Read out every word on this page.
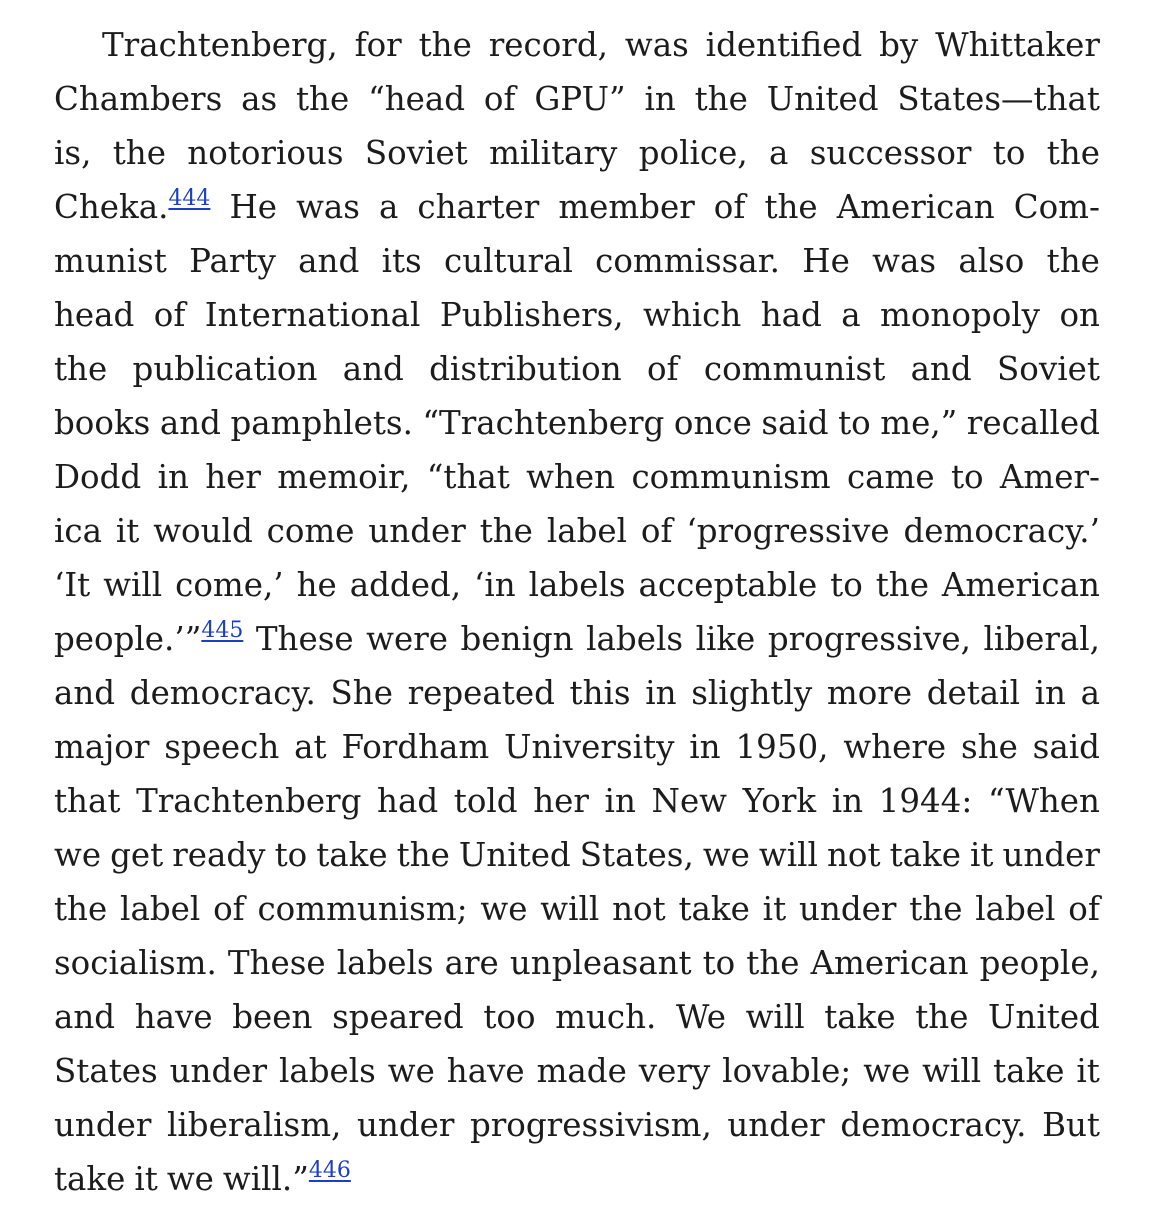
Trachtenberg, for the record, was identified by Whittaker
Chambers as the “head of GPU” in the United States—that
is, the notorious Soviet military police, a successor to the
Cheka.$^{444}$ He was a charter member of the American Com-
munist Party and its cultural commissar. He was also the
head of International Publishers, which had a monopoly on
the publication and distribution of communist and Soviet
books and pamphlets. “Trachtenberg once said to me,” recalled
Dodd in her memoir, “that when communism came to Amer-
ica it would come under the label of ‘progressive democracy.’
‘It will come,’ he added, ‘in labels acceptable to the American
people.’”$^{445}$ These were benign labels like progressive, liberal,
and democracy. She repeated this in slightly more detail in a
major speech at Fordham University in 1950, where she said
that Trachtenberg had told her in New York in 1944: “When
we get ready to take the United States, we will not take it under
the label of communism; we will not take it under the label of
socialism. These labels are unpleasant to the American people,
and have been speared too much. We will take the United
States under labels we have made very lovable; we will take it
under liberalism, under progressivism, under democracy. But
take it we will.”$^{446}$
